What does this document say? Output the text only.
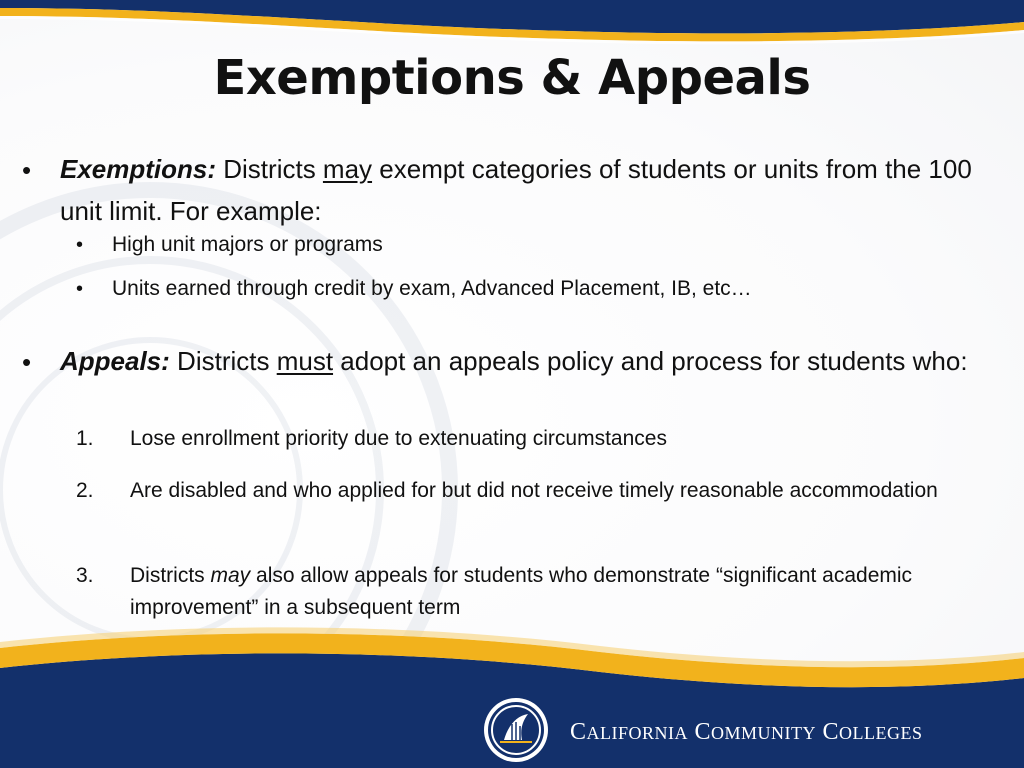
Exemptions & Appeals
• Exemptions: Districts may exempt categories of students or units from the 100 unit limit. For example:
• High unit majors or programs
• Units earned through credit by exam, Advanced Placement, IB, etc…
• Appeals: Districts must adopt an appeals policy and process for students who:
1. Lose enrollment priority due to extenuating circumstances
2. Are disabled and who applied for but did not receive timely reasonable accommodation
3. Districts may also allow appeals for students who demonstrate “significant academic improvement” in a subsequent term
CALIFORNIA COMMUNITY COLLEGES
